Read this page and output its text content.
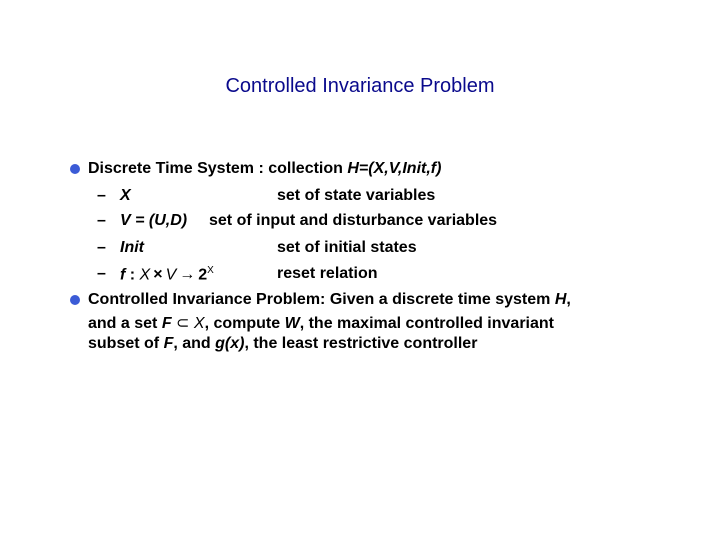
Controlled Invariance Problem
Discrete Time System : collection H=(X,V,Init,f)
– X	set of state variables
– V = (U,D) set of input and disturbance variables
– Init	set of initial states
– f : $X \times V \to 2^X$	reset relation
Controlled Invariance Problem: Given a discrete time system H,
and a set F ⊂ X, compute W, the maximal controlled invariant
subset of F, and g(x), the least restrictive controller
